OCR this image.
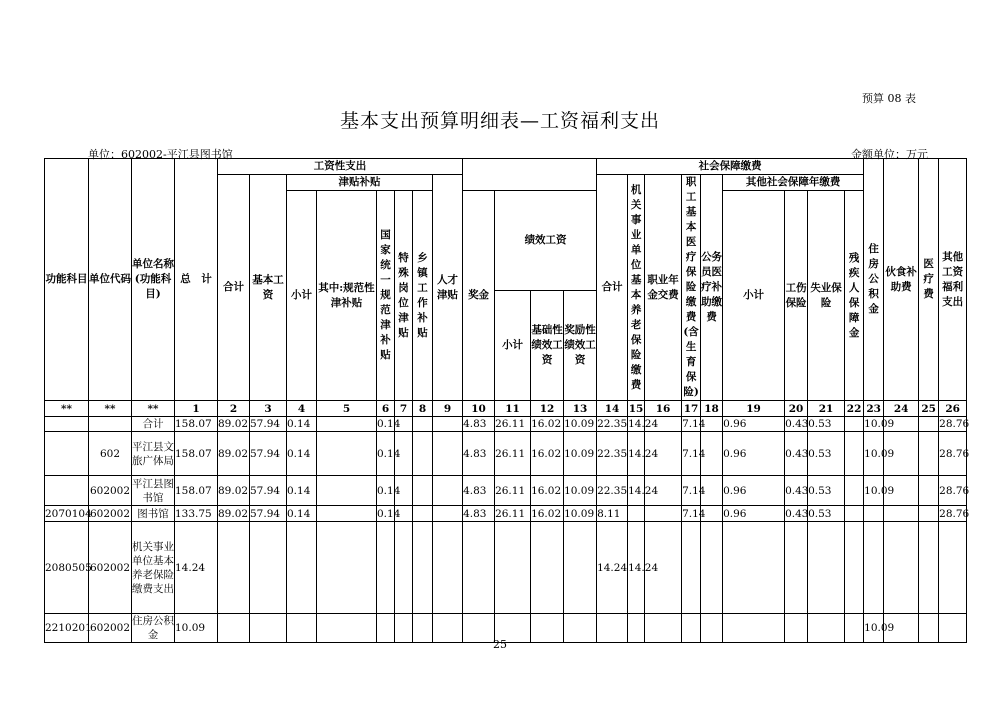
预算 08 表
基本支出预算明细表—工资福利支出
单位：602002-平江县图书馆	金额单位：万元
功能科目	单位代码	单位名称(功能科目)	总　计	工资性支出												社会保障缴费									住房公积金	伙食补助费	医疗费	其他工资福利支出		
				合计	基本工资	津贴补贴					人才津贴					合计	机关事业单位基本养老保险缴费	职业年金交费	职工基本医疗保险缴费(含生育保险)	公务员医疗补助缴费	其他社会保障年缴费								
						小计	其中:规范性津补贴	国家统一规范津补贴	特殊岗位津贴	乡镇工作补贴		奖金	绩效工资								小计	工伤保险	失业保险	残疾人保障金					
													小计	基础性绩效工资	奖励性绩效工资														
**	**	**	1	2	3	4	5	6	7	8	9	10	11	12	13	14	15	16	17	18	19	20	21	22	23	24	25	26		
		合计	158.07	89.02	57.94	0.14		0.14				4.83	26.11	16.02	10.09	22.35	14.24		7.14		0.96	0.43	0.53		10.09			28.76		
	602	平江县文旅广体局	158.07	89.02	57.94	0.14		0.14				4.83	26.11	16.02	10.09	22.35	14.24		7.14		0.96	0.43	0.53		10.09			28.76		
	602002	平江县图书馆	158.07	89.02	57.94	0.14		0.14				4.83	26.11	16.02	10.09	22.35	14.24		7.14		0.96	0.43	0.53		10.09			28.76		
2070104	602002	图书馆	133.75	89.02	57.94	0.14		0.14				4.83	26.11	16.02	10.09	8.11			7.14		0.96	0.43	0.53					28.76		
2080505	602002	机关事业单位基本养老保险缴费支出	14.24													14.24	14.24													
2210201	602002	住房公积金	10.09																						10.09					
25
